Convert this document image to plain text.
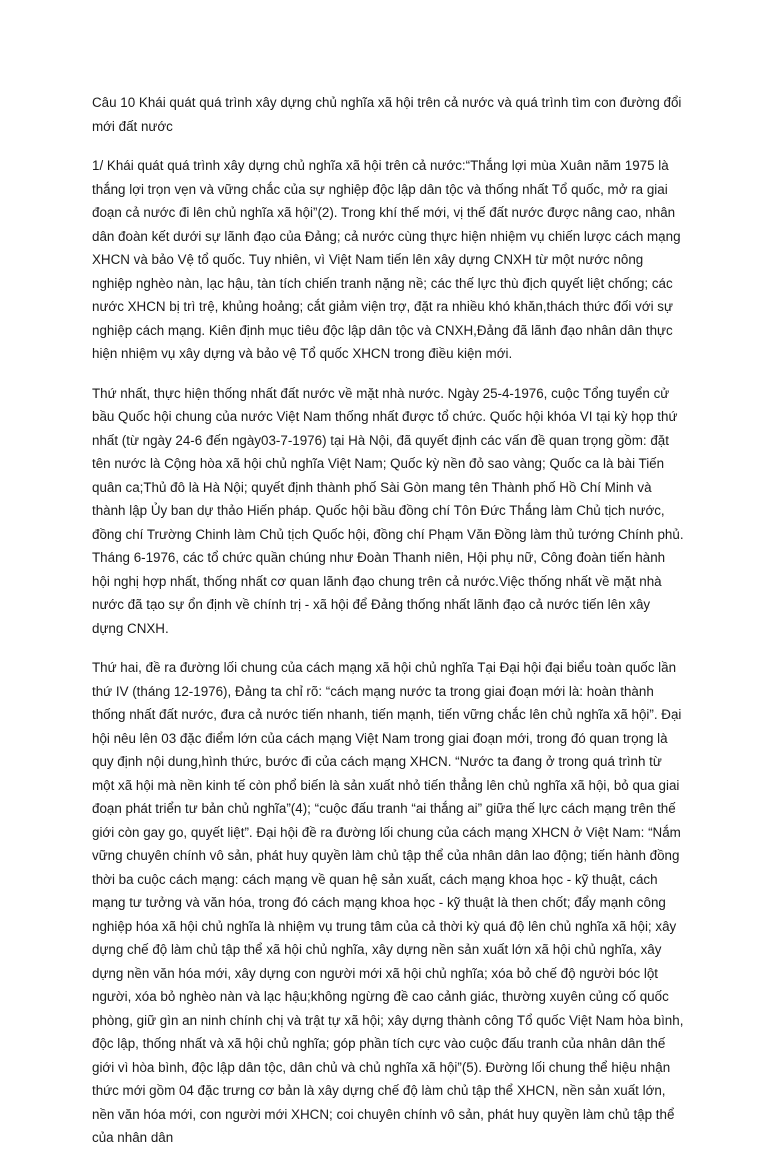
Câu 10 Khái quát quá trình xây dựng chủ nghĩa xã hội trên cả nước và quá trình tìm con đường đổi mới đất nước

1/ Khái quát quá trình xây dựng chủ nghĩa xã hội trên cả nước:“Thắng lợi mùa Xuân năm 1975 là thắng lợi trọn vẹn và vững chắc của sự nghiệp độc lập dân tộc và thống nhất Tổ quốc, mở ra giai đoạn cả nước đi lên chủ nghĩa xã hội”(2). Trong khí thế mới, vị thế đất nước được nâng cao, nhân dân đoàn kết dưới sự lãnh đạo của Đảng; cả nước cùng thực hiện nhiệm vụ chiến lược cách mạng XHCN và bảo Vệ tổ quốc. Tuy nhiên, vì Việt Nam tiến lên xây dựng CNXH từ một nước nông nghiệp nghèo nàn, lạc hậu, tàn tích chiến tranh nặng nề; các thế lực thù địch quyết liệt chống; các nước XHCN bị trì trệ, khủng hoảng; cắt giảm viện trợ, đặt ra nhiều khó khăn,thách thức đối với sự nghiệp cách mạng. Kiên định mục tiêu độc lập dân tộc và CNXH,Đảng đã lãnh đạo nhân dân thực hiện nhiệm vụ xây dựng và bảo vệ Tổ quốc XHCN trong điều kiện mới.

Thứ nhất, thực hiện thống nhất đất nước về mặt nhà nước. Ngày 25-4-1976, cuộc Tổng tuyển cử bầu Quốc hội chung của nước Việt Nam thống nhất được tổ chức. Quốc hội khóa VI tại kỳ họp thứ nhất (từ ngày 24-6 đến ngày03-7-1976) tại Hà Nội, đã quyết định các vấn đề quan trọng gồm: đặt tên nước là Cộng hòa xã hội chủ nghĩa Việt Nam; Quốc kỳ nền đỏ sao vàng; Quốc ca là bài Tiến quân ca;Thủ đô là Hà Nội; quyết định thành phố Sài Gòn mang tên Thành phố Hồ Chí Minh và thành lập Ủy ban dự thảo Hiến pháp. Quốc hội bầu đồng chí Tôn Đức Thắng làm Chủ tịch nước, đồng chí Trường Chinh làm Chủ tịch Quốc hội, đồng chí Phạm Văn Đồng làm thủ tướng Chính phủ. Tháng 6-1976, các tổ chức quần chúng như Đoàn Thanh niên, Hội phụ nữ, Công đoàn tiến hành hội nghị hợp nhất, thống nhất cơ quan lãnh đạo chung trên cả nước.Việc thống nhất về mặt nhà nước đã tạo sự ổn định về chính trị - xã hội để Đảng thống nhất lãnh đạo cả nước tiến lên xây dựng CNXH.

Thứ hai, đề ra đường lối chung của cách mạng xã hội chủ nghĩa Tại Đại hội đại biểu toàn quốc lần thứ IV (tháng 12-1976), Đảng ta chỉ rõ: “cách mạng nước ta trong giai đoạn mới là: hoàn thành thống nhất đất nước, đưa cả nước tiến nhanh, tiến mạnh, tiến vững chắc lên chủ nghĩa xã hội”. Đại hội nêu lên 03 đặc điểm lớn của cách mạng Việt Nam trong giai đoạn mới, trong đó quan trọng là quy định nội dung,hình thức, bước đi của cách mạng XHCN. “Nước ta đang ở trong quá trình từ một xã hội mà nền kinh tế còn phổ biến là sản xuất nhỏ tiến thẳng lên chủ nghĩa xã hội, bỏ qua giai đoạn phát triển tư bản chủ nghĩa”(4); “cuộc đấu tranh “ai thắng ai” giữa thế lực cách mạng trên thế giới còn gay go, quyết liệt”. Đại hội đề ra đường lối chung của cách mạng XHCN ở Việt Nam: “Nắm vững chuyên chính vô sản, phát huy quyền làm chủ tập thể của nhân dân lao động; tiến hành đồng thời ba cuộc cách mạng: cách mạng về quan hệ sản xuất, cách mạng khoa học - kỹ thuật, cách mạng tư tưởng và văn hóa, trong đó cách mạng khoa học - kỹ thuật là then chốt; đẩy mạnh công nghiệp hóa xã hội chủ nghĩa là nhiệm vụ trung tâm của cả thời kỳ quá độ lên chủ nghĩa xã hội; xây dựng chế độ làm chủ tập thể xã hội chủ nghĩa, xây dựng nền sản xuất lớn xã hội chủ nghĩa, xây dựng nền văn hóa mới, xây dựng con người mới xã hội chủ nghĩa; xóa bỏ chế độ người bóc lột người, xóa bỏ nghèo nàn và lạc hậu;không ngừng đề cao cảnh giác, thường xuyên củng cố quốc phòng, giữ gìn an ninh chính chị và trật tự xã hội; xây dựng thành công Tổ quốc Việt Nam hòa bình, độc lập, thống nhất và xã hội chủ nghĩa; góp phần tích cực vào cuộc đấu tranh của nhân dân thế giới vì hòa bình, độc lập dân tộc, dân chủ và chủ nghĩa xã hội”(5). Đường lối chung thể hiệu nhận thức mới gồm 04 đặc trưng cơ bản là xây dựng chế độ làm chủ tập thể XHCN, nền sản xuất lớn, nền văn hóa mới, con người mới XHCN; coi chuyên chính vô sản, phát huy quyền làm chủ tập thể của nhân dân
